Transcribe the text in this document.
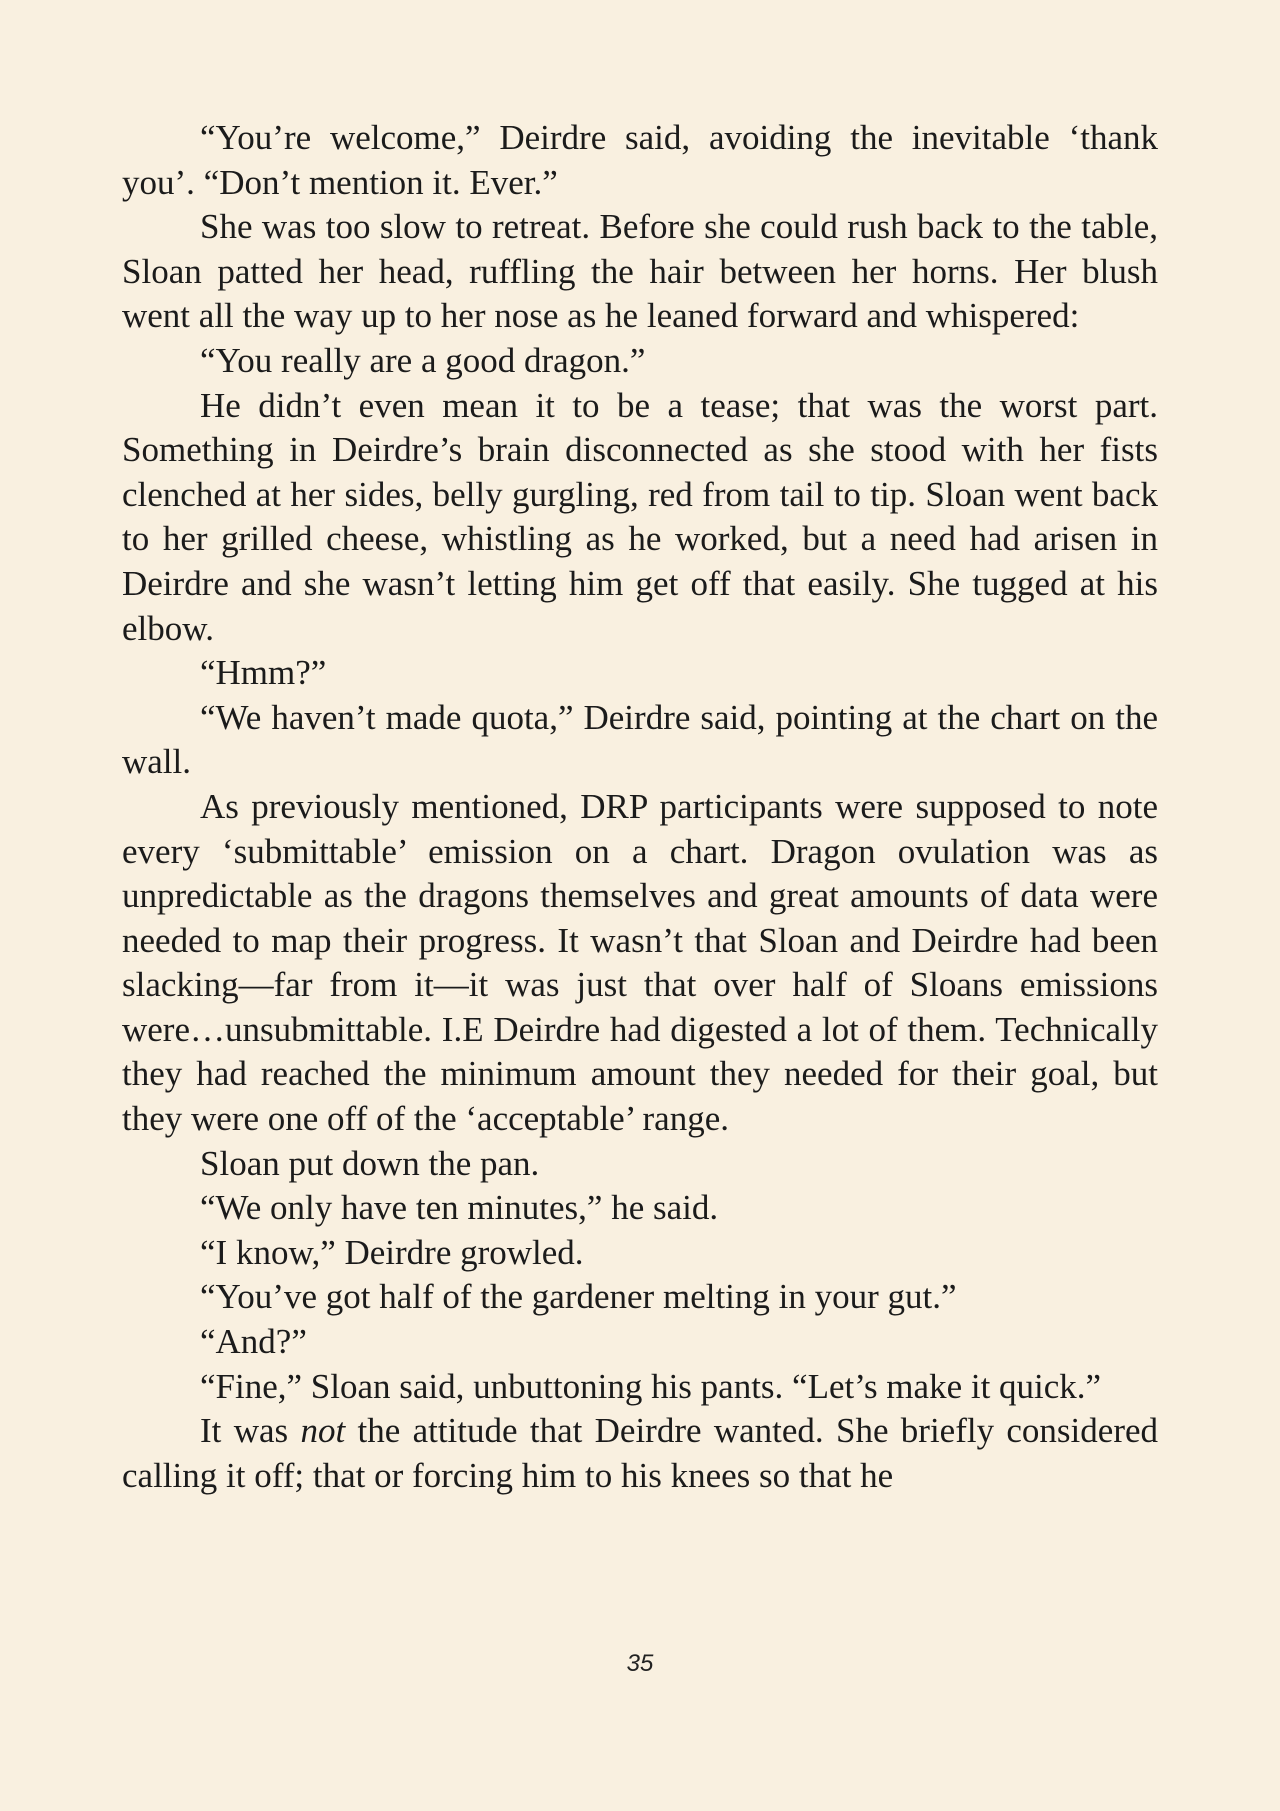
“You’re welcome,” Deirdre said, avoiding the inevitable ‘thank you’. “Don’t mention it. Ever.”

She was too slow to retreat. Before she could rush back to the table, Sloan patted her head, ruffling the hair between her horns. Her blush went all the way up to her nose as he leaned forward and whispered:

“You really are a good dragon.”

He didn’t even mean it to be a tease; that was the worst part. Something in Deirdre’s brain disconnected as she stood with her fists clenched at her sides, belly gurgling, red from tail to tip. Sloan went back to her grilled cheese, whistling as he worked, but a need had arisen in Deirdre and she wasn’t letting him get off that easily. She tugged at his elbow.

“Hmm?”

“We haven’t made quota,” Deirdre said, pointing at the chart on the wall.

As previously mentioned, DRP participants were supposed to note every ‘submittable’ emission on a chart. Dragon ovulation was as unpredictable as the dragons themselves and great amounts of data were needed to map their progress. It wasn’t that Sloan and Deirdre had been slacking—far from it—it was just that over half of Sloans emissions were…unsubmittable. I.E Deirdre had digested a lot of them. Technically they had reached the minimum amount they needed for their goal, but they were one off of the ‘acceptable’ range.

Sloan put down the pan.

“We only have ten minutes,” he said.

“I know,” Deirdre growled.

“You’ve got half of the gardener melting in your gut.”

“And?”

“Fine,” Sloan said, unbuttoning his pants. “Let’s make it quick.”

It was not the attitude that Deirdre wanted. She briefly considered calling it off; that or forcing him to his knees so that he

35
